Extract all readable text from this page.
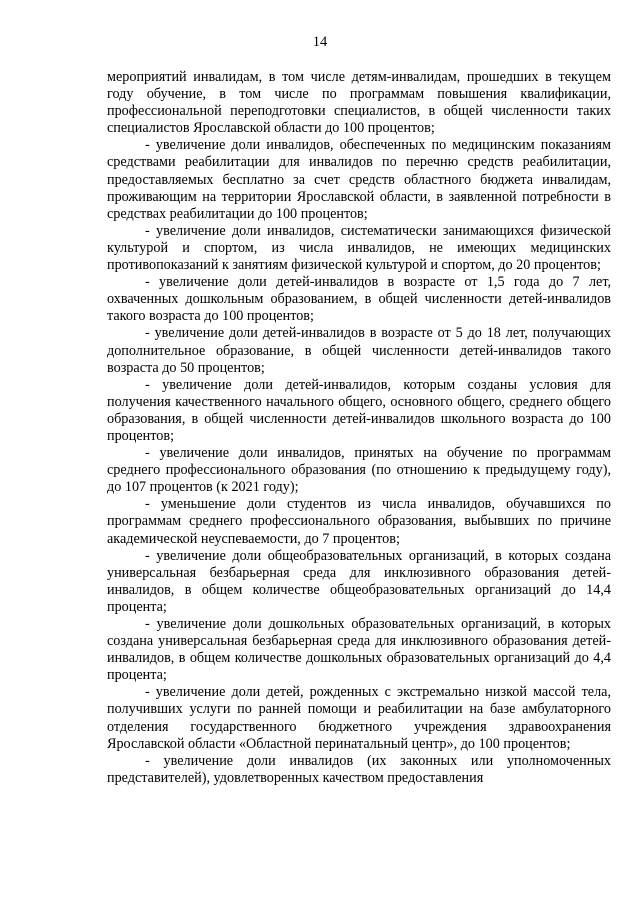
14

мероприятий инвалидам, в том числе детям-инвалидам, прошедших в текущем году обучение, в том числе по программам повышения квалификации, профессиональной переподготовки специалистов, в общей численности таких специалистов Ярославской области до 100 процентов;

- увеличение доли инвалидов, обеспеченных по медицинским показаниям средствами реабилитации для инвалидов по перечню средств реабилитации, предоставляемых бесплатно за счет средств областного бюджета инвалидам, проживающим на территории Ярославской области, в заявленной потребности в средствах реабилитации до 100 процентов;

- увеличение доли инвалидов, систематически занимающихся физической культурой и спортом, из числа инвалидов, не имеющих медицинских противопоказаний к занятиям физической культурой и спортом, до 20 процентов;

- увеличение доли детей-инвалидов в возрасте от 1,5 года до 7 лет, охваченных дошкольным образованием, в общей численности детей-инвалидов такого возраста до 100 процентов;

- увеличение доли детей-инвалидов в возрасте от 5 до 18 лет, получающих дополнительное образование, в общей численности детей-инвалидов такого возраста до 50 процентов;

- увеличение доли детей-инвалидов, которым созданы условия для получения качественного начального общего, основного общего, среднего общего образования, в общей численности детей-инвалидов школьного возраста до 100 процентов;

- увеличение доли инвалидов, принятых на обучение по программам среднего профессионального образования (по отношению к предыдущему году), до 107 процентов (к 2021 году);

- уменьшение доли студентов из числа инвалидов, обучавшихся по программам среднего профессионального образования, выбывших по причине академической неуспеваемости, до 7 процентов;

- увеличение доли общеобразовательных организаций, в которых создана универсальная безбарьерная среда для инклюзивного образования детей-инвалидов, в общем количестве общеобразовательных организаций до 14,4 процента;

- увеличение доли дошкольных образовательных организаций, в которых создана универсальная безбарьерная среда для инклюзивного образования детей-инвалидов, в общем количестве дошкольных образовательных организаций до 4,4 процента;

- увеличение доли детей, рожденных с экстремально низкой массой тела, получивших услуги по ранней помощи и реабилитации на базе амбулаторного отделения государственного бюджетного учреждения здравоохранения Ярославской области «Областной перинатальный центр», до 100 процентов;

- увеличение доли инвалидов (их законных или уполномоченных представителей), удовлетворенных качеством предоставления
